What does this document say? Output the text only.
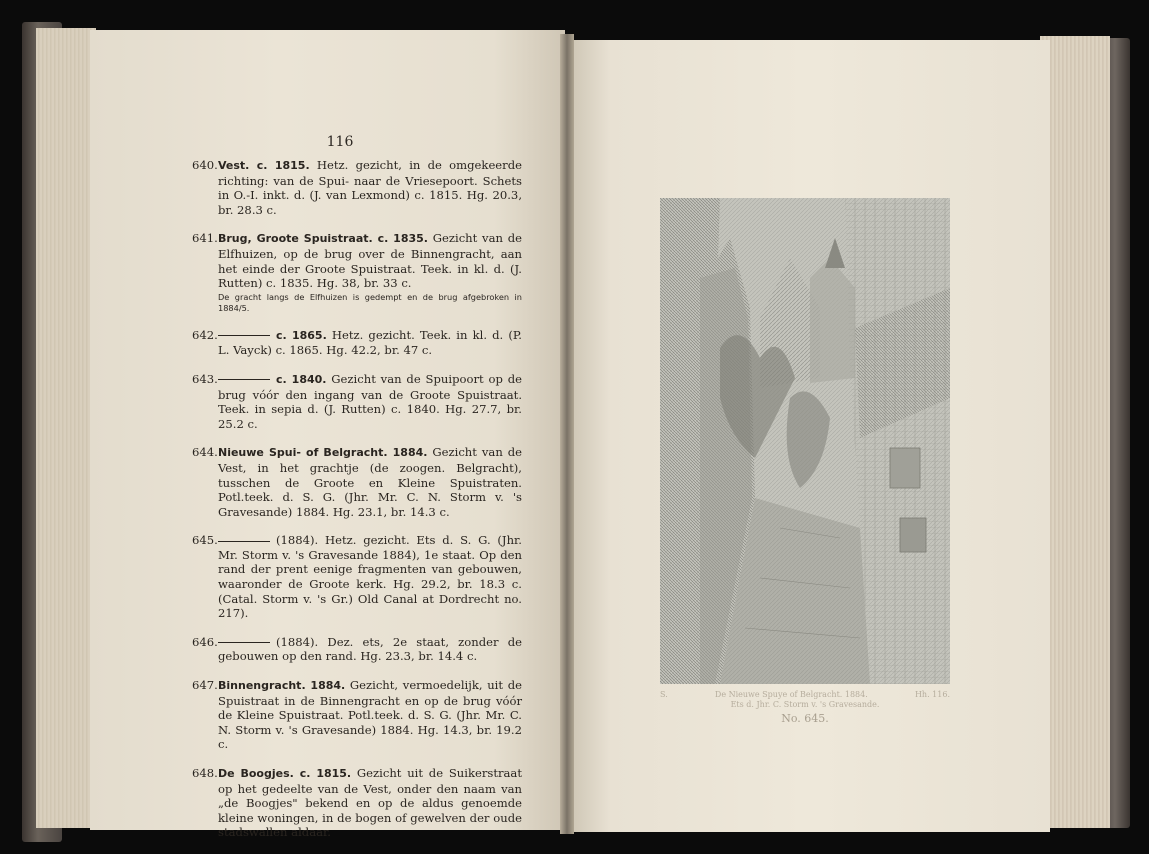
116
640. Vest. c. 1815. Hetz. gezicht, in de omgekeerde richting: van de Spui- naar de Vriesepoort. Schets in O.-I. inkt. d. (J. van Lexmond) c. 1815. Hg. 20.3, br. 28.3 c.
641. Brug, Groote Spuistraat. c. 1835. Gezicht van de Elfhuizen, op de brug over de Binnengracht, aan het einde der Groote Spuistraat. Teek. in kl. d. (J. Rutten) c. 1835. Hg. 38, br. 33 c.
De gracht langs de Elfhuizen is gedempt en de brug afgebroken in 1884/5.
642.	c. 1865. Hetz. gezicht. Teek. in kl. d. (P. L. Vayck) c. 1865. Hg. 42.2, br. 47 c.
643.	c. 1840. Gezicht van de Spuipoort op de brug vóór den ingang van de Groote Spuistraat. Teek. in sepia d. (J. Rutten) c. 1840. Hg. 27.7, br. 25.2 c.
644. Nieuwe Spui- of Belgracht. 1884. Gezicht van de Vest, in het grachtje (de zoogen. Belgracht), tusschen de Groote en Kleine Spuistraten. Potl.teek. d. S. G. (Jhr. Mr. C. N. Storm v. 's Gravesande) 1884. Hg. 23.1, br. 14.3 c.
645.	(1884). Hetz. gezicht. Ets d. S. G. (Jhr. Mr. Storm v. 's Gravesande 1884), 1e staat. Op den rand der prent eenige fragmenten van gebouwen, waaronder de Groote kerk. Hg. 29.2, br. 18.3 c. (Catal. Storm v. 's Gr.) Old Canal at Dordrecht no. 217).
646.	(1884). Dez. ets, 2e staat, zonder de gebouwen op den rand. Hg. 23.3, br. 14.4 c.
647. Binnengracht. 1884. Gezicht, vermoedelijk, uit de Spuistraat in de Binnengracht en op de brug vóór de Kleine Spuistraat. Potl.teek. d. S. G. (Jhr. Mr. C. N. Storm v. 's Gravesande) 1884. Hg. 14.3, br. 19.2 c.
648. De Boogjes. c. 1815. Gezicht uit de Suikerstraat op het gedeelte van de Vest, onder den naam van „de Boogjes" bekend en op de aldus genoemde kleine woningen, in de bogen of gewelven der oude stadswallen aldaar.
S.	De Nieuwe Spuye of Belgracht. 1884.	Hh. 116.
Ets d. Jhr. C. Storm v. 's Gravesande.
No. 645.
